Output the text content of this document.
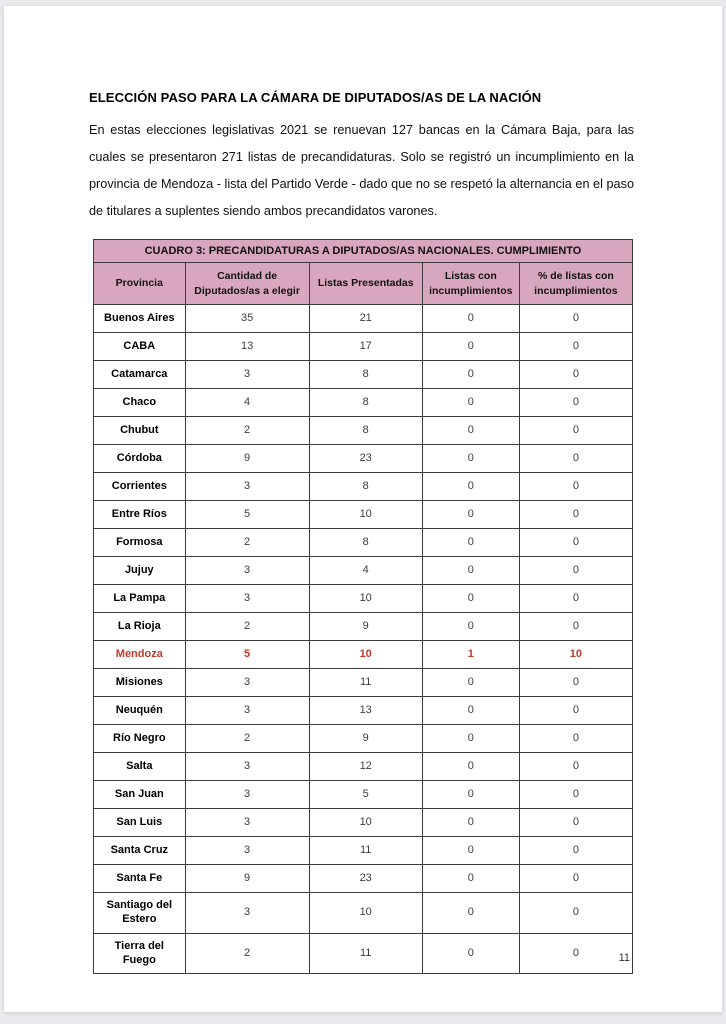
ELECCIÓN PASO PARA LA CÁMARA DE DIPUTADOS/AS DE LA NACIÓN

En estas elecciones legislativas 2021 se renuevan 127 bancas en la Cámara Baja, para las cuales se presentaron 271 listas de precandidaturas. Solo se registró un incumplimiento en la provincia de Mendoza - lista del Partido Verde - dado que no se respetó la alternancia en el paso de titulares a suplentes siendo ambos precandidatos varones.

CUADRO 3: PRECANDIDATURAS A DIPUTADOS/AS NACIONALES. CUMPLIMIENTO				
Provincia	Cantidad de Diputados/as a elegir	Listas Presentadas	Listas con incumplimientos	% de listas con incumplimientos
Buenos Aires	35	21	0	0
CABA	13	17	0	0
Catamarca	3	8	0	0
Chaco	4	8	0	0
Chubut	2	8	0	0
Córdoba	9	23	0	0
Corrientes	3	8	0	0
Entre Ríos	5	10	0	0
Formosa	2	8	0	0
Jujuy	3	4	0	0
La Pampa	3	10	0	0
La Rioja	2	9	0	0
Mendoza	5	10	1	10
Misiones	3	11	0	0
Neuquén	3	13	0	0
Río Negro	2	9	0	0
Salta	3	12	0	0
San Juan	3	5	0	0
San Luis	3	10	0	0
Santa Cruz	3	11	0	0
Santa Fe	9	23	0	0
Santiago del Estero	3	10	0	0
Tierra del Fuego	2	11	0	0	11
